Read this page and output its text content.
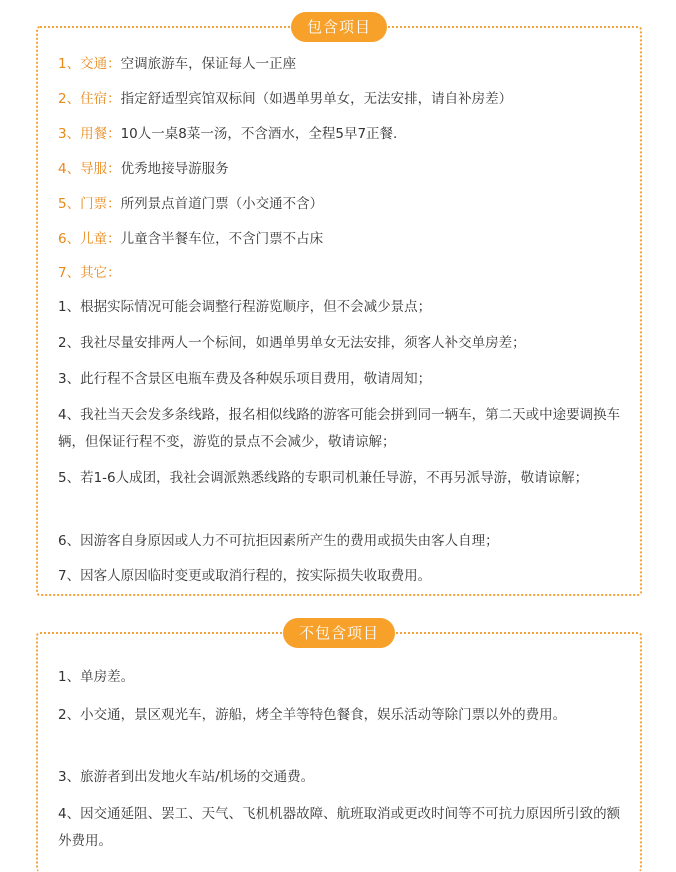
包含项目
1、交通：空调旅游车，保证每人一正座
2、住宿：指定舒适型宾馆双标间（如遇单男单女，无法安排，请自补房差）
3、用餐：10人一桌8菜一汤，不含酒水，全程5早7正餐.
4、导服：优秀地接导游服务
5、门票：所列景点首道门票（小交通不含）
6、儿童：儿童含半餐车位，不含门票不占床
7、其它：
1、根据实际情况可能会调整行程游览顺序，但不会减少景点；
2、我社尽量安排两人一个标间，如遇单男单女无法安排，须客人补交单房差；
3、此行程不含景区电瓶车费及各种娱乐项目费用，敬请周知；
4、我社当天会发多条线路，报名相似线路的游客可能会拼到同一辆车，第二天或中途要调换车辆，但保证行程不变，游览的景点不会减少，敬请谅解；
5、若1-6人成团，我社会调派熟悉线路的专职司机兼任导游，不再另派导游，敬请谅解；
6、因游客自身原因或人力不可抗拒因素所产生的费用或损失由客人自理；
7、因客人原因临时变更或取消行程的，按实际损失收取费用。
不包含项目
1、单房差。
2、小交通，景区观光车，游船，烤全羊等特色餐食，娱乐活动等除门票以外的费用。
3、旅游者到出发地火车站/机场的交通费。
4、因交通延阻、罢工、天气、飞机机器故障、航班取消或更改时间等不可抗力原因所引致的额外费用。
